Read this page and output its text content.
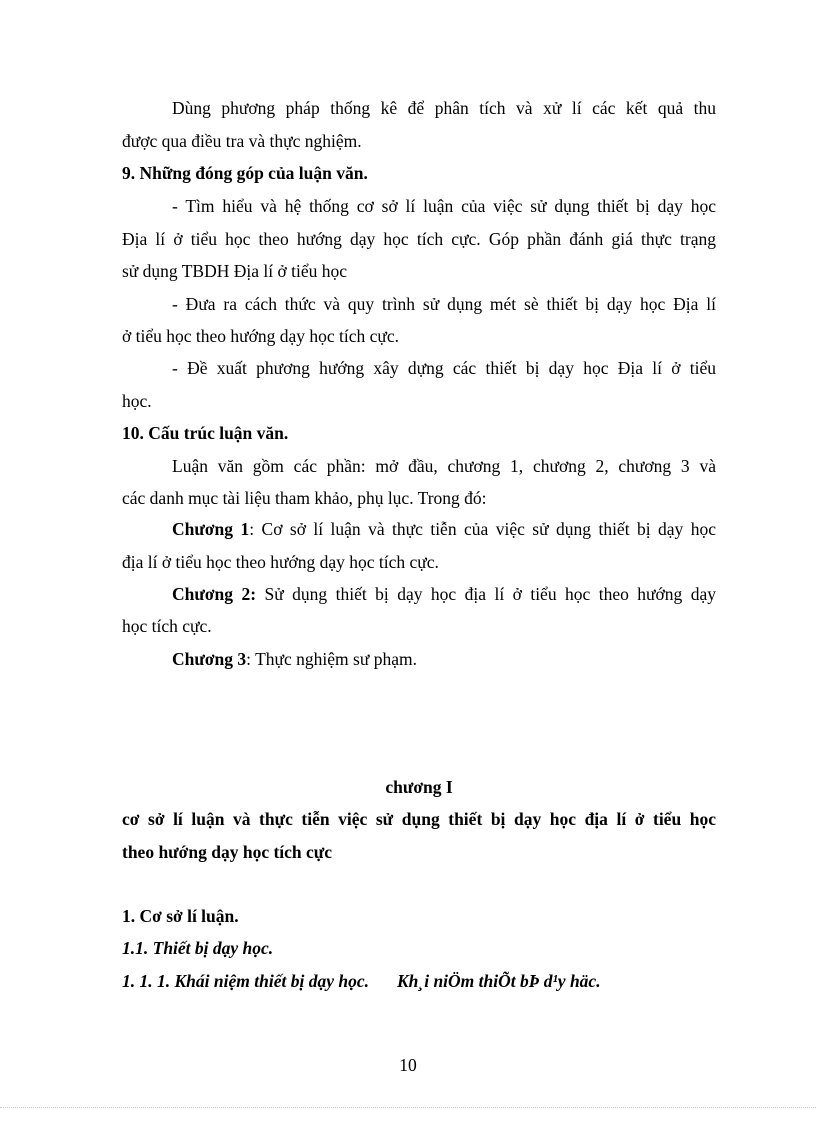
Dùng phương pháp thống kê để phân tích và xử lí các kết quả thu
được qua điều tra và thực nghiệm.
9. Những đóng góp của luận văn.
- Tìm hiểu và hệ thống cơ sở lí luận của việc sử dụng thiết bị dạy học
Địa lí ở tiểu học theo hướng dạy học tích cực. Góp phần đánh giá thực trạng
sử dụng TBDH Địa lí ở tiểu học
- Đưa ra cách thức và quy trình sử dụng mét sè thiết bị dạy học Địa lí
ở tiểu học theo hướng dạy học tích cực.
- Đề xuất phương hướng xây dựng các thiết bị dạy học Địa lí ở tiểu
học.
10. Cấu trúc luận văn.
Luận văn gồm các phần: mở đầu, chương 1, chương 2, chương 3 và
các danh mục tài liệu tham khảo, phụ lục. Trong đó:
Chương 1: Cơ sở lí luận và thực tiễn của việc sử dụng thiết bị dạy học
địa lí ở tiểu học theo hướng dạy học tích cực.
Chương 2: Sử dụng thiết bị dạy học địa lí ở tiểu học theo hướng dạy
học tích cực.
Chương 3: Thực nghiệm sư phạm.
chương I
cơ sở lí luận và thực tiễn việc sử dụng thiết bị dạy học địa lí ở tiểu học
theo hướng dạy học tích cực
1. Cơ sở lí luận.
1.1. Thiết bị dạy học.
1. 1. 1. Khái niệm thiết bị dạy học. Kh¸i niÖm thiÕt bÞ d¹y häc.
10
